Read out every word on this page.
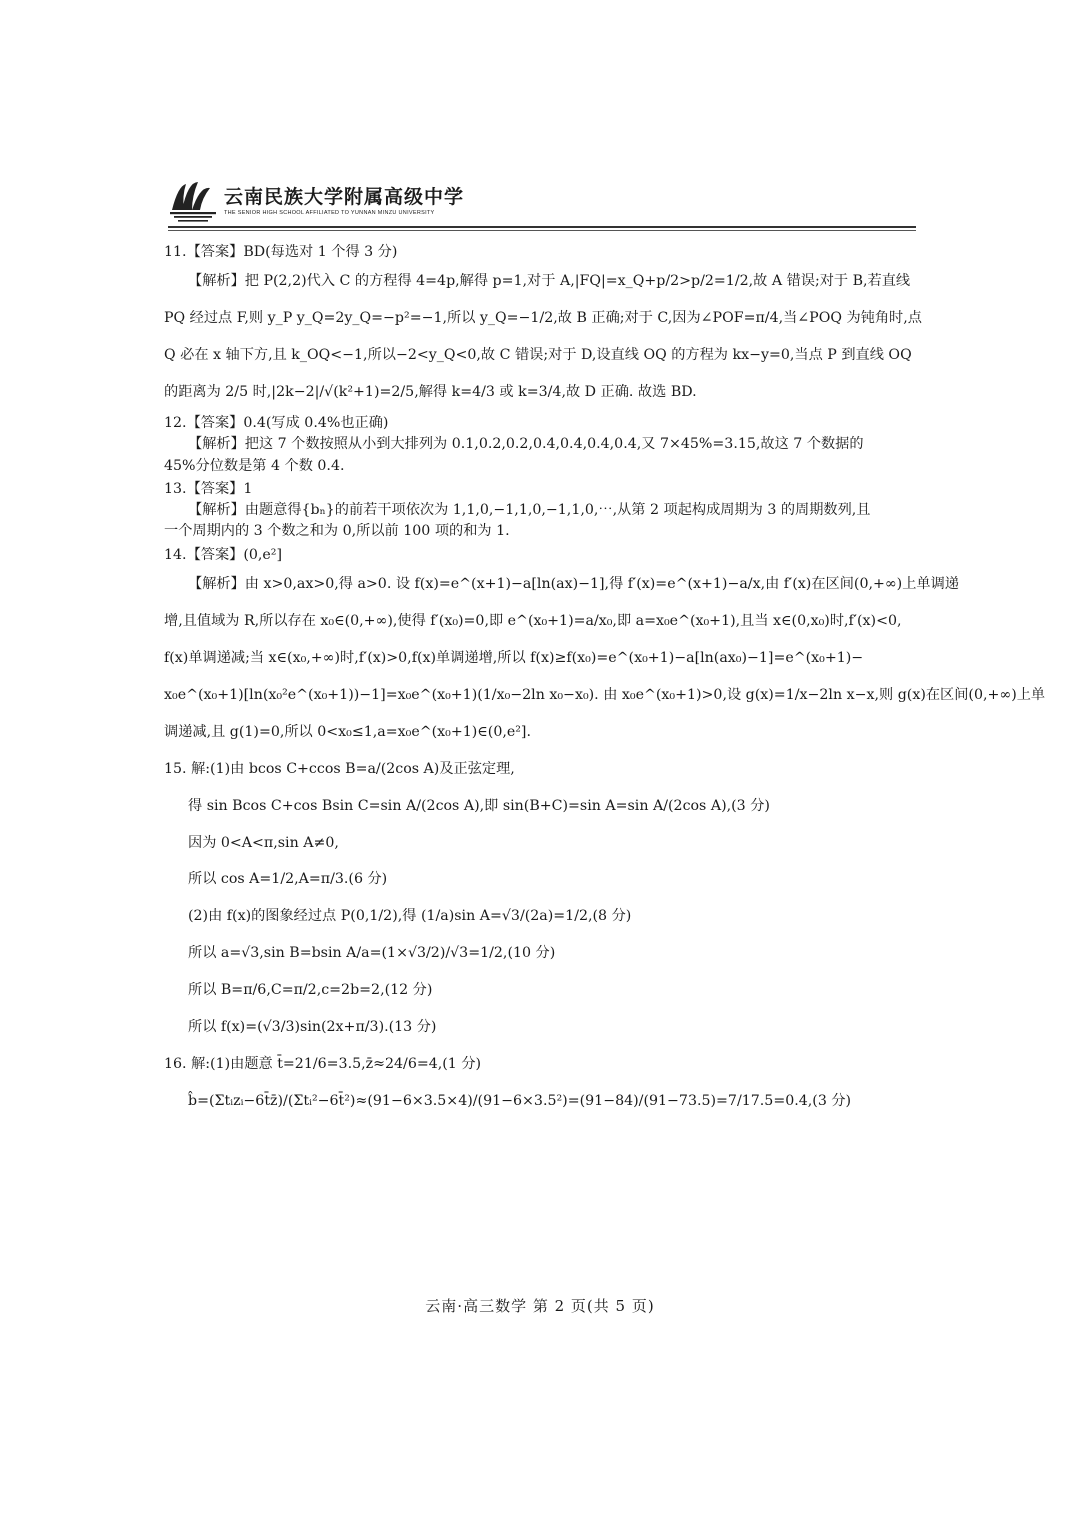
云南民族大学附属高级中学
THE SENIOR HIGH SCHOOL AFFILIATED TO YUNNAN MINZU UNIVERSITY
11.【答案】BD(每选对 1 个得 3 分)
【解析】把 P(2,2)代入 C 的方程得 4=4p,解得 p=1,对于 A,|FQ|=x_Q+p/2>p/2=1/2,故 A 错误;对于 B,若直线
PQ 经过点 F,则 y_P y_Q=2y_Q=−p²=−1,所以 y_Q=−1/2,故 B 正确;对于 C,因为∠POF=π/4,当∠POQ 为钝角时,点
Q 必在 x 轴下方,且 k_OQ<−1,所以−2<y_Q<0,故 C 错误;对于 D,设直线 OQ 的方程为 kx−y=0,当点 P 到直线 OQ
的距离为 2/5 时,|2k−2|/√(k²+1)=2/5,解得 k=4/3 或 k=3/4,故 D 正确. 故选 BD.
12.【答案】0.4(写成 0.4%也正确)
【解析】把这 7 个数按照从小到大排列为 0.1,0.2,0.2,0.4,0.4,0.4,0.4,又 7×45%=3.15,故这 7 个数据的
45%分位数是第 4 个数 0.4.
13.【答案】1
【解析】由题意得{bₙ}的前若干项依次为 1,1,0,−1,1,0,−1,1,0,⋯,从第 2 项起构成周期为 3 的周期数列,且
一个周期内的 3 个数之和为 0,所以前 100 项的和为 1.
14.【答案】(0,e²]
【解析】由 x>0,ax>0,得 a>0. 设 f(x)=e^(x+1)−a[ln(ax)−1],得 f′(x)=e^(x+1)−a/x,由 f′(x)在区间(0,+∞)上单调递
增,且值域为 R,所以存在 x₀∈(0,+∞),使得 f′(x₀)=0,即 e^(x₀+1)=a/x₀,即 a=x₀e^(x₀+1),且当 x∈(0,x₀)时,f′(x)<0,
f(x)单调递减;当 x∈(x₀,+∞)时,f′(x)>0,f(x)单调递增,所以 f(x)≥f(x₀)=e^(x₀+1)−a[ln(ax₀)−1]=e^(x₀+1)−
x₀e^(x₀+1)[ln(x₀²e^(x₀+1))−1]=x₀e^(x₀+1)(1/x₀−2ln x₀−x₀). 由 x₀e^(x₀+1)>0,设 g(x)=1/x−2ln x−x,则 g(x)在区间(0,+∞)上单
调递减,且 g(1)=0,所以 0<x₀≤1,a=x₀e^(x₀+1)∈(0,e²].
15. 解:(1)由 bcos C+ccos B=a/(2cos A)及正弦定理,
得 sin Bcos C+cos Bsin C=sin A/(2cos A),即 sin(B+C)=sin A=sin A/(2cos A),(3 分)
因为 0<A<π,sin A≠0,
所以 cos A=1/2,A=π/3.(6 分)
(2)由 f(x)的图象经过点 P(0,1/2),得 (1/a)sin A=√3/(2a)=1/2,(8 分)
所以 a=√3,sin B=bsin A/a=(1×√3/2)/√3=1/2,(10 分)
所以 B=π/6,C=π/2,c=2b=2,(12 分)
所以 f(x)=(√3/3)sin(2x+π/3).(13 分)
16. 解:(1)由题意 t̄=21/6=3.5,z̄≈24/6=4,(1 分)
b̂=(Σtᵢzᵢ−6t̄z̄)/(Σtᵢ²−6t̄²)≈(91−6×3.5×4)/(91−6×3.5²)=(91−84)/(91−73.5)=7/17.5=0.4,(3 分)
云南·高三数学 第 2 页(共 5 页)
